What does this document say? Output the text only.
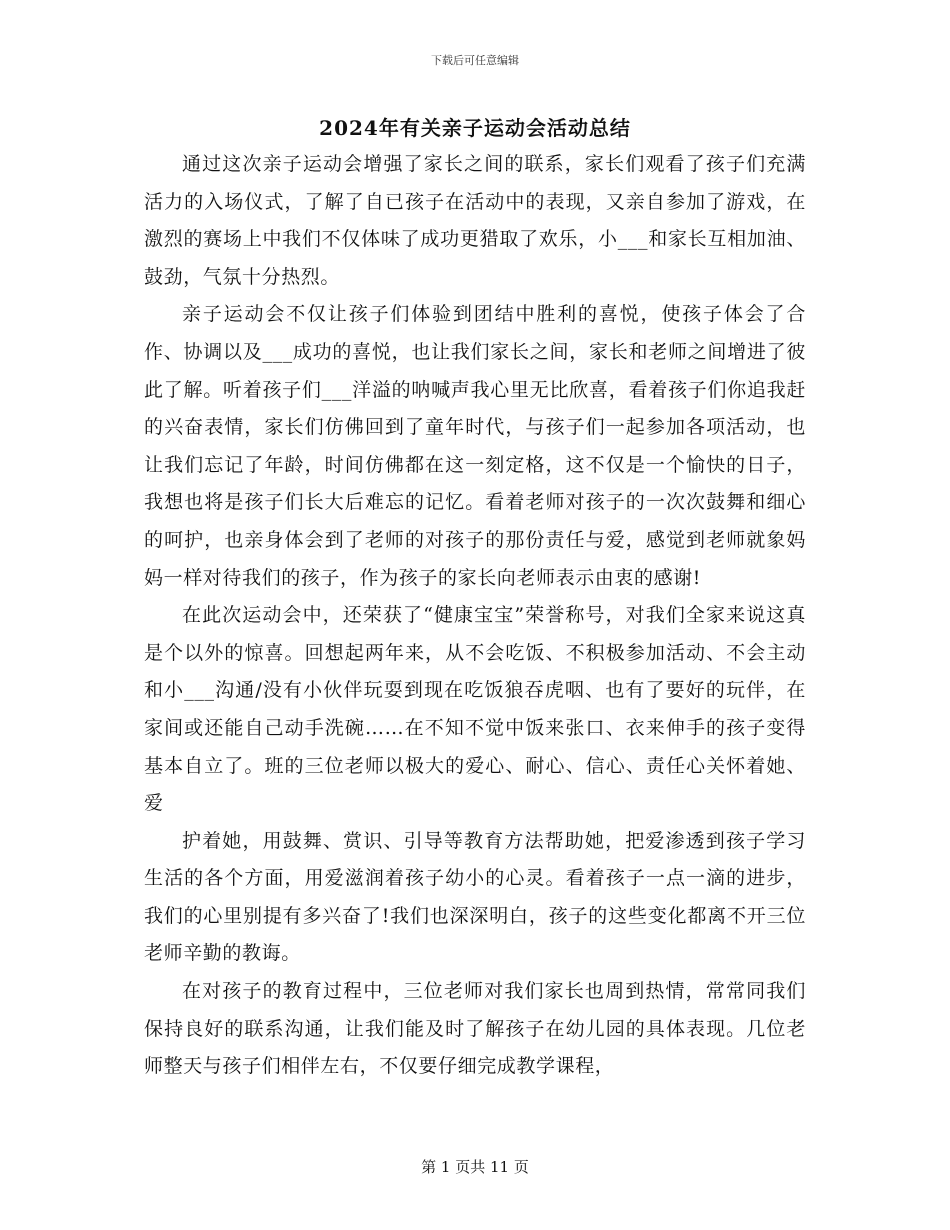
下载后可任意编辑
2024年有关亲子运动会活动总结

通过这次亲子运动会增强了家长之间的联系，家长们观看了孩子们充满活力的入场仪式，了解了自已孩子在活动中的表现，又亲自参加了游戏，在激烈的赛场上中我们不仅体味了成功更猎取了欢乐，小___和家长互相加油、鼓劲，气氛十分热烈。

亲子运动会不仅让孩子们体验到团结中胜利的喜悦，使孩子体会了合作、协调以及___成功的喜悦，也让我们家长之间，家长和老师之间增进了彼此了解。听着孩子们___洋溢的呐喊声我心里无比欣喜，看着孩子们你追我赶的兴奋表情，家长们仿佛回到了童年时代，与孩子们一起参加各项活动，也让我们忘记了年龄，时间仿佛都在这一刻定格，这不仅是一个愉快的日子，我想也将是孩子们长大后难忘的记忆。看着老师对孩子的一次次鼓舞和细心的呵护，也亲身体会到了老师的对孩子的那份责任与爱，感觉到老师就象妈妈一样对待我们的孩子，作为孩子的家长向老师表示由衷的感谢!

在此次运动会中，还荣获了“健康宝宝”荣誉称号，对我们全家来说这真是个以外的惊喜。回想起两年来，从不会吃饭、不积极参加活动、不会主动和小___沟通/没有小伙伴玩耍到现在吃饭狼吞虎咽、也有了要好的玩伴，在家间或还能自己动手洗碗……在不知不觉中饭来张口、衣来伸手的孩子变得基本自立了。班的三位老师以极大的爱心、耐心、信心、责任心关怀着她、爱

护着她，用鼓舞、赏识、引导等教育方法帮助她，把爱渗透到孩子学习生活的各个方面，用爱滋润着孩子幼小的心灵。看着孩子一点一滴的进步，我们的心里别提有多兴奋了!我们也深深明白，孩子的这些变化都离不开三位老师辛勤的教诲。

在对孩子的教育过程中，三位老师对我们家长也周到热情，常常同我们保持良好的联系沟通，让我们能及时了解孩子在幼儿园的具体表现。几位老师整天与孩子们相伴左右，不仅要仔细完成教学课程，

第 1 页共 11 页
